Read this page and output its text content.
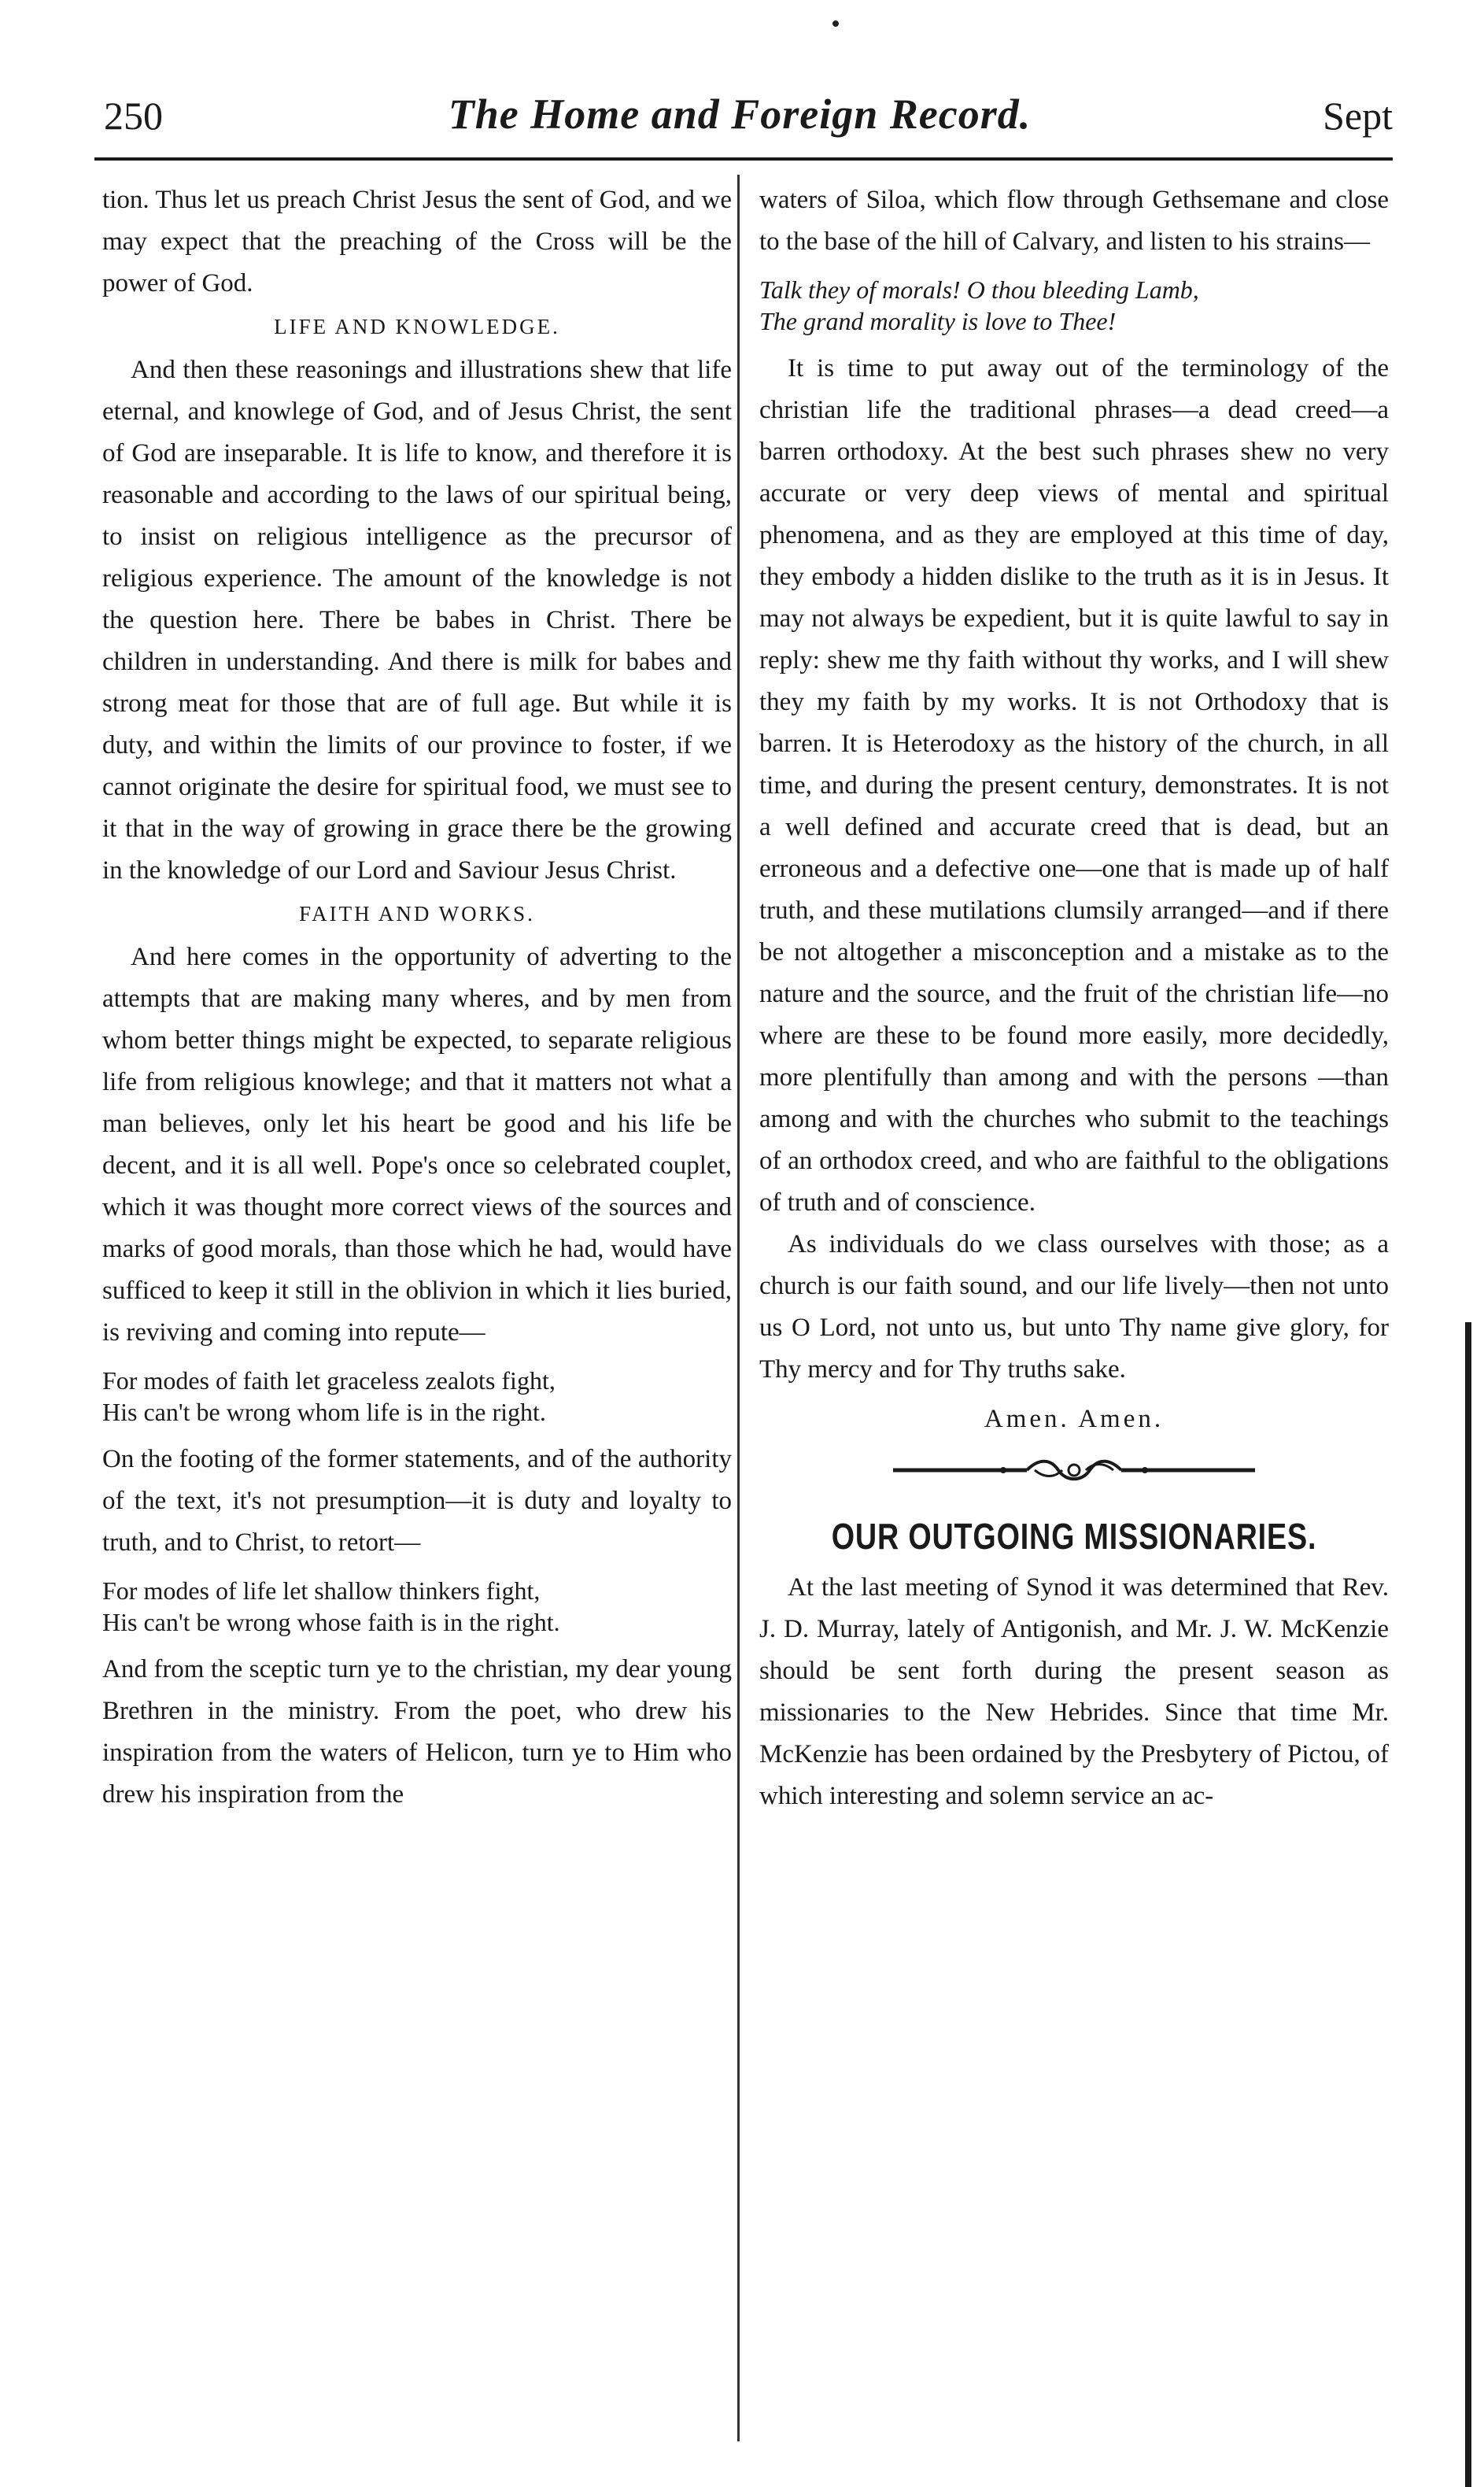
250	The Home and Foreign Record.	Sept

tion. Thus let us preach Christ Jesus the sent of God, and we may expect that the preaching of the Cross will be the power of God.

LIFE AND KNOWLEDGE.

And then these reasonings and illustrations shew that life eternal, and knowlege of God, and of Jesus Christ, the sent of God are inseparable. It is life to know, and therefore it is reasonable and according to the laws of our spiritual being, to insist on religious intelligence as the precursor of religious experience. The amount of the knowledge is not the question here. There be babes in Christ. There be children in understanding. And there is milk for babes and strong meat for those that are of full age. But while it is duty, and within the limits of our province to foster, if we cannot originate the desire for spiritual food, we must see to it that in the way of growing in grace there be the growing in the knowledge of our Lord and Saviour Jesus Christ.

FAITH AND WORKS.

And here comes in the opportunity of adverting to the attempts that are making many wheres, and by men from whom better things might be expected, to separate religious life from religious knowlege; and that it matters not what a man believes, only let his heart be good and his life be decent, and it is all well. Pope's once so celebrated couplet, which it was thought more correct views of the sources and marks of good morals, than those which he had, would have sufficed to keep it still in the oblivion in which it lies buried, is reviving and coming into repute—

For modes of faith let graceless zealots fight,
His can't be wrong whom life is in the right.

On the footing of the former statements, and of the authority of the text, it's not presumption—it is duty and loyalty to truth, and to Christ, to retort—

For modes of life let shallow thinkers fight,
His can't be wrong whose faith is in the right.

And from the sceptic turn ye to the christian, my dear young Brethren in the ministry. From the poet, who drew his inspiration from the waters of Helicon, turn ye to Him who drew his inspiration from the

waters of Siloa, which flow through Gethsemane and close to the base of the hill of Calvary, and listen to his strains—

Talk they of morals! O thou bleeding Lamb,
The grand morality is love to Thee!

It is time to put away out of the terminology of the christian life the traditional phrases—a dead creed—a barren orthodoxy. At the best such phrases shew no very accurate or very deep views of mental and spiritual phenomena, and as they are employed at this time of day, they embody a hidden dislike to the truth as it is in Jesus. It may not always be expedient, but it is quite lawful to say in reply: shew me thy faith without thy works, and I will shew they my faith by my works. It is not Orthodoxy that is barren. It is Heterodoxy as the history of the church, in all time, and during the present century, demonstrates. It is not a well defined and accurate creed that is dead, but an erroneous and a defective one—one that is made up of half truth, and these mutilations clumsily arranged—and if there be not altogether a misconception and a mistake as to the nature and the source, and the fruit of the christian life—no where are these to be found more easily, more decidedly, more plentifully than among and with the persons —than among and with the churches who submit to the teachings of an orthodox creed, and who are faithful to the obligations of truth and of conscience.

As individuals do we class ourselves with those; as a church is our faith sound, and our life lively—then not unto us O Lord, not unto us, but unto Thy name give glory, for Thy mercy and for Thy truths sake.

Amen. Amen.
OUR OUTGOING MISSIONARIES.

At the last meeting of Synod it was determined that Rev. J. D. Murray, lately of Antigonish, and Mr. J. W. McKenzie should be sent forth during the present season as missionaries to the New Hebrides. Since that time Mr. McKenzie has been ordained by the Presbytery of Pictou, of which interesting and solemn service an ac-
